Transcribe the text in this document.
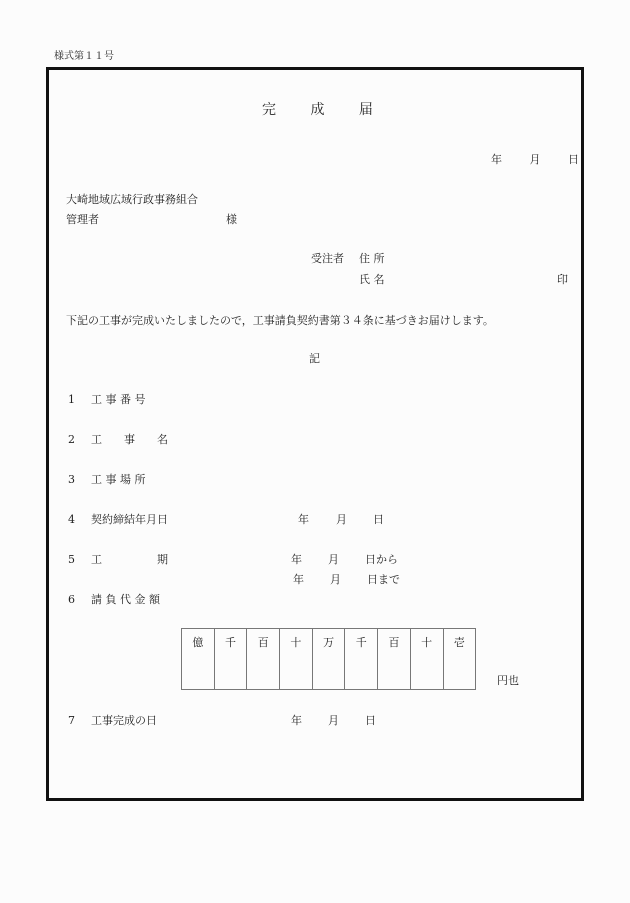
様式第１１号
完 成 届
年	月	日
大崎地域広域行政事務組合
管理者	様
受注者 住 所
氏 名	印
下記の工事が完成いたしましたので，工事請負契約書第３４条に基づきお届けします。
記
1 工 事 番 号
2 工　　事　　名
3 工 事 場 所
4 契約締結年月日	年 月 日
5 工　　　　　期	年 月 日から
年 月 日まで
6 請 負 代 金 額
億	千	百	十	万	千	百	十	壱
円也
7 工事完成の日	年 月 日
